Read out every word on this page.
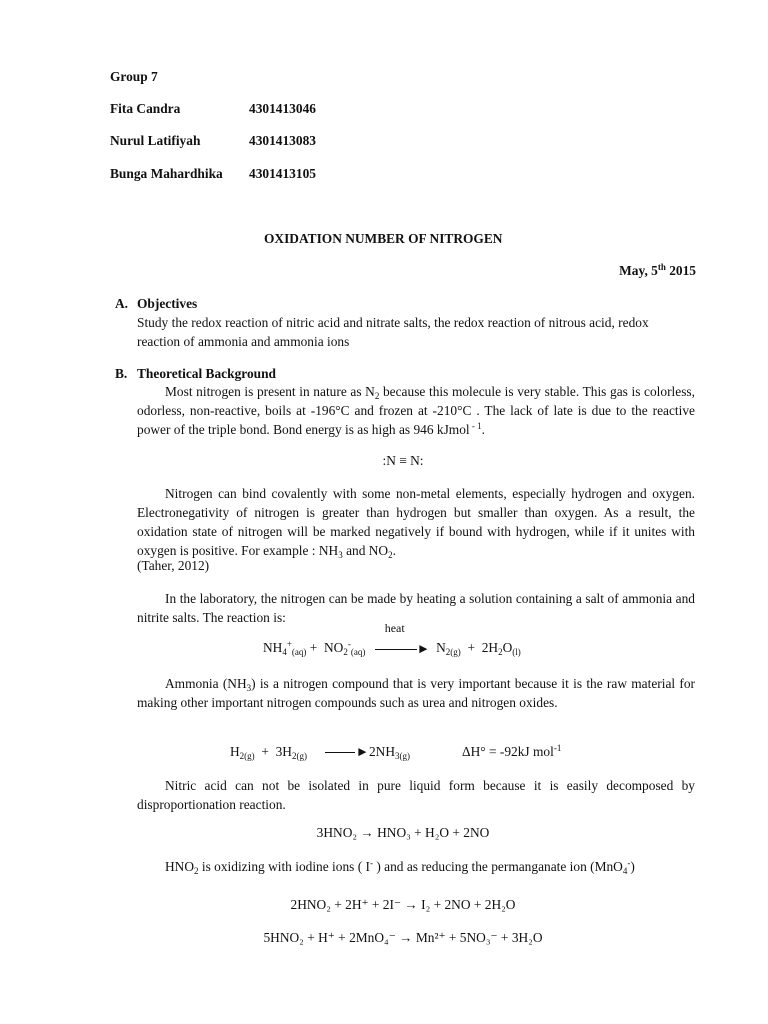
Group 7
Fita Candra	4301413046
Nurul Latifiyah	4301413083
Bunga Mahardhika 4301413105
OXIDATION NUMBER OF NITROGEN
May, 5th 2015
A. Objectives

Study the redox reaction of nitric acid and nitrate salts, the redox reaction of nitrous acid, redox reaction of ammonia and ammonia ions

B. Theoretical Background

Most nitrogen is present in nature as $N_2$ because this molecule is very stable. This gas is colorless, odorless, non-reactive, boils at -196°C and frozen at -210°C . The lack of late is due to the reactive power of the triple bond. Bond energy is as high as 946 kJmol $^{- 1}$.

:N ≡ N:

Nitrogen can bind covalently with some non-metal elements, especially hydrogen and oxygen. Electronegativity of nitrogen is greater than hydrogen but smaller than oxygen. As a result, the oxidation state of nitrogen will be marked negatively if bound with hydrogen, while if it unites with oxygen is positive. For example : $NH_3$ and $NO_2$.

(Taher, 2012)

In the laboratory, the nitrogen can be made by heating a solution containing a salt of ammonia and nitrite salts. The reaction is:

$NH_4^+_{(aq)} + NO_2^-_{(aq)}$
heat
► $N_{2(g)} + 2H_2O_{(l)}$

Ammonia $(NH_3)$ is a nitrogen compound that is very important because it is the raw material for making other important nitrogen compounds such as urea and nitrogen oxides.

$H_{2(g)} + 3H_{2(g)}$	$►2NH_{3(g)}$	ΔH° = -92kJ mol$^{-1}$

Nitric acid can not be isolated in pure liquid form because it is easily decomposed by disproportionation reaction.

3HNO₂ → HNO₃ + H₂O + 2NO

$HNO_2$ is oxidizing with iodine ions ( I- ) and as reducing the permanganate ion (MnO$_4$-)

2HNO₂ + 2H⁺ + 2I⁻ → I₂ + 2NO + 2H₂O
5HNO₂ + H⁺ + 2MnO₄⁻ → Mn²⁺ + 5NO₃⁻ + 3H₂O
